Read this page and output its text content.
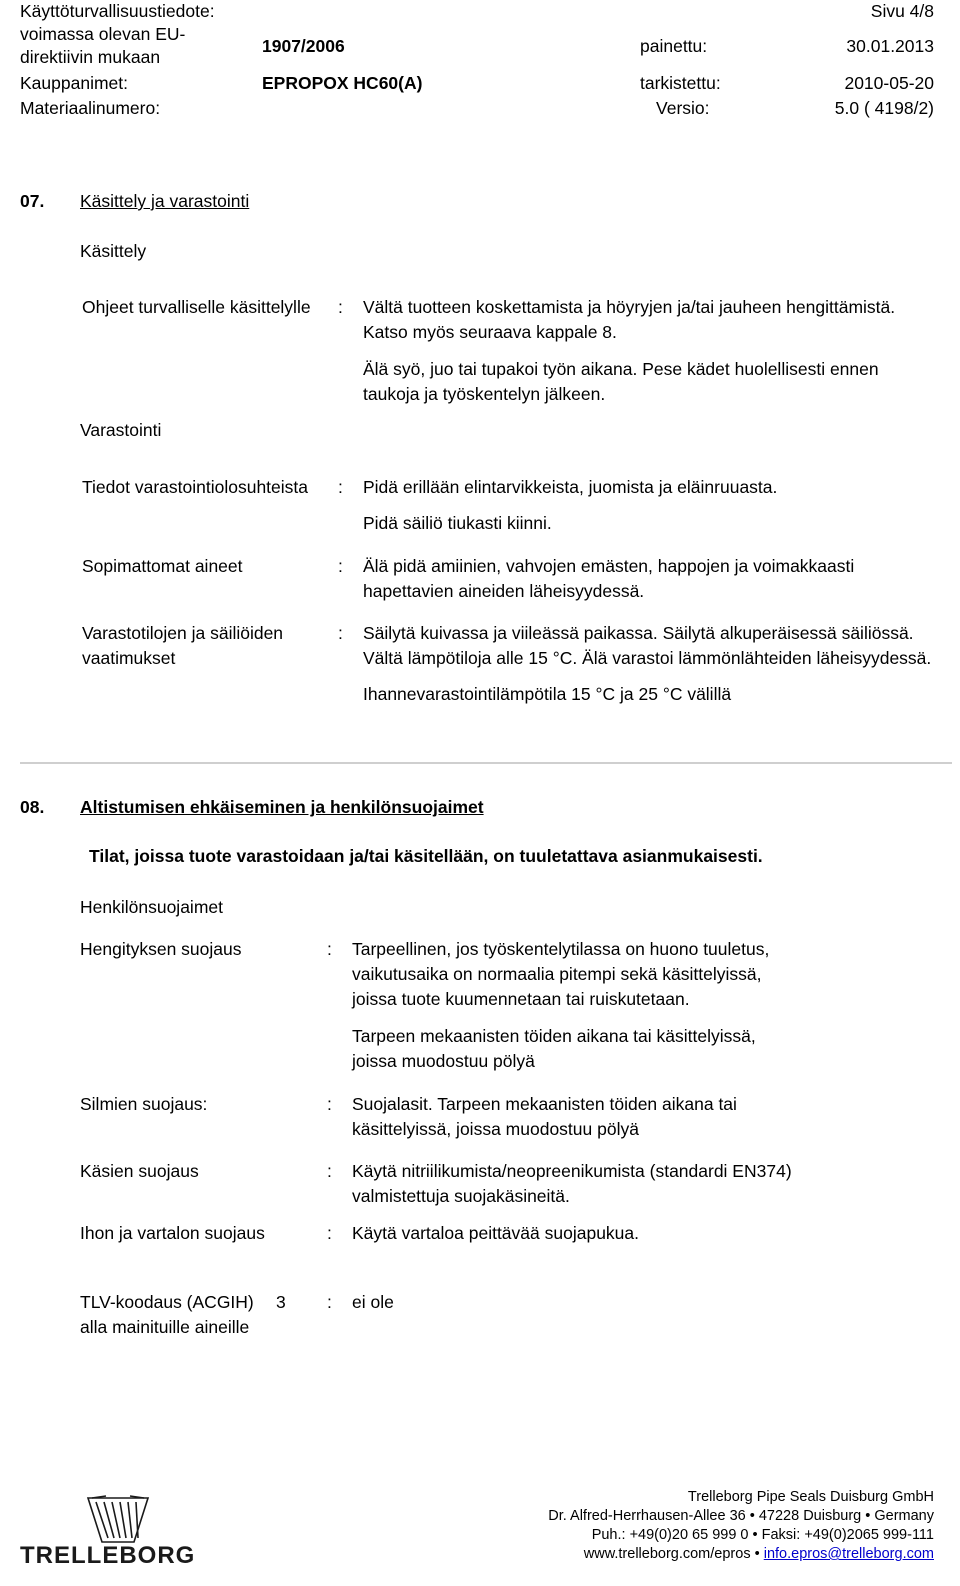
Käyttöturvallisuustiedote:	Sivu 4/8
voimassa olevan EU-
direktiivin mukaan
1907/2006	painettu:	30.01.2013
Kauppanimet:	EPROPOX HC60(A)	tarkistettu:	2010-05-20
Materiaalinumero:	Versio:	5.0 ( 4198/2)
07. Käsittely ja varastointi
Käsittely
Ohjeet turvalliselle käsittelylle : Vältä tuotteen koskettamista ja höyryjen ja/tai jauheen hengittämistä.
Katso myös seuraava kappale 8.
Älä syö, juo tai tupakoi työn aikana. Pese kädet huolellisesti ennen
taukoja ja työskentelyn jälkeen.
Varastointi
Tiedot varastointiolosuhteista : Pidä erillään elintarvikkeista, juomista ja eläinruuasta.
Pidä säiliö tiukasti kiinni.
Sopimattomat aineet	: Älä pidä amiinien, vahvojen emästen, happojen ja voimakkaasti
hapettavien aineiden läheisyydessä.
Varastotilojen ja säiliöiden
vaatimukset
: Säilytä kuivassa ja viileässä paikassa. Säilytä alkuperäisessä säiliössä.
Vältä lämpötiloja alle 15 °C. Älä varastoi lämmönlähteiden läheisyydessä.
Ihannevarastointilämpötila 15 °C ja 25 °C välillä
08. Altistumisen ehkäiseminen ja henkilönsuojaimet
Tilat, joissa tuote varastoidaan ja/tai käsitellään, on tuuletattava asianmukaisesti.
Henkilönsuojaimet
Hengityksen suojaus	: Tarpeellinen, jos työskentelytilassa on huono tuuletus,
vaikutusaika on normaalia pitempi sekä käsittelyissä,
joissa tuote kuumennetaan tai ruiskutetaan.
Tarpeen mekaanisten töiden aikana tai käsittelyissä,
joissa muodostuu pölyä
Silmien suojaus:	: Suojalasit. Tarpeen mekaanisten töiden aikana tai
käsittelyissä, joissa muodostuu pölyä
Käsien suojaus	: Käytä nitriilikumista/neopreenikumista (standardi EN374)
valmistettuja suojakäsineitä.
Ihon ja vartalon suojaus	: Käytä vartaloa peittävää suojapukua.
TLV-koodaus (ACGIH) 3
alla mainituille aineille
: ei ole
TRELLEBORG
Trelleborg Pipe Seals Duisburg GmbH
Dr. Alfred-Herrhausen-Allee 36 • 47228 Duisburg • Germany
Puh.: +49(0)20 65 999 0 • Faksi: +49(0)2065 999-111
www.trelleborg.com/epros • info.epros@trelleborg.com
